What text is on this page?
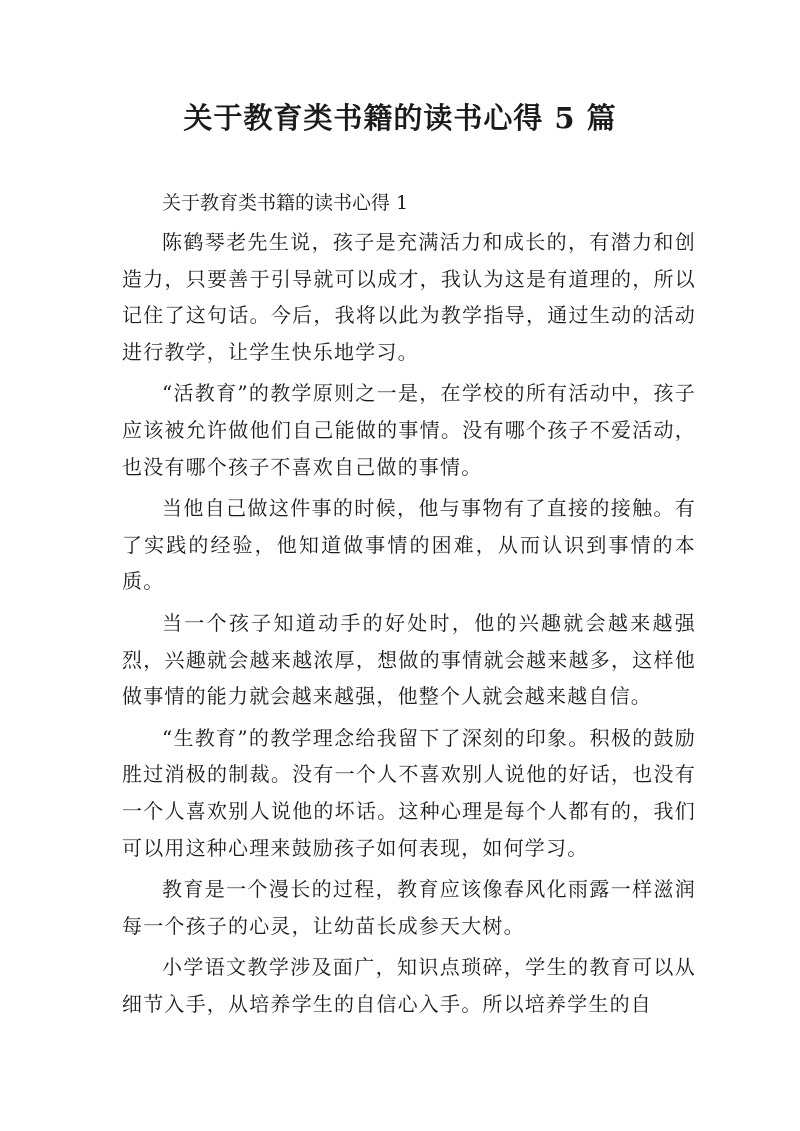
关于教育类书籍的读书心得 5 篇

关于教育类书籍的读书心得 1

陈鹤琴老先生说，孩子是充满活力和成长的，有潜力和创造力，只要善于引导就可以成才，我认为这是有道理的，所以记住了这句话。今后，我将以此为教学指导，通过生动的活动进行教学，让学生快乐地学习。

“活教育”的教学原则之一是，在学校的所有活动中，孩子应该被允许做他们自己能做的事情。没有哪个孩子不爱活动，也没有哪个孩子不喜欢自己做的事情。

当他自己做这件事的时候，他与事物有了直接的接触。有了实践的经验，他知道做事情的困难，从而认识到事情的本质。

当一个孩子知道动手的好处时，他的兴趣就会越来越强烈，兴趣就会越来越浓厚，想做的事情就会越来越多，这样他做事情的能力就会越来越强，他整个人就会越来越自信。

“生教育”的教学理念给我留下了深刻的印象。积极的鼓励胜过消极的制裁。没有一个人不喜欢别人说他的好话，也没有一个人喜欢别人说他的坏话。这种心理是每个人都有的，我们可以用这种心理来鼓励孩子如何表现，如何学习。

教育是一个漫长的过程，教育应该像春风化雨露一样滋润每一个孩子的心灵，让幼苗长成参天大树。

小学语文教学涉及面广，知识点琐碎，学生的教育可以从细节入手，从培养学生的自信心入手。所以培养学生的自
